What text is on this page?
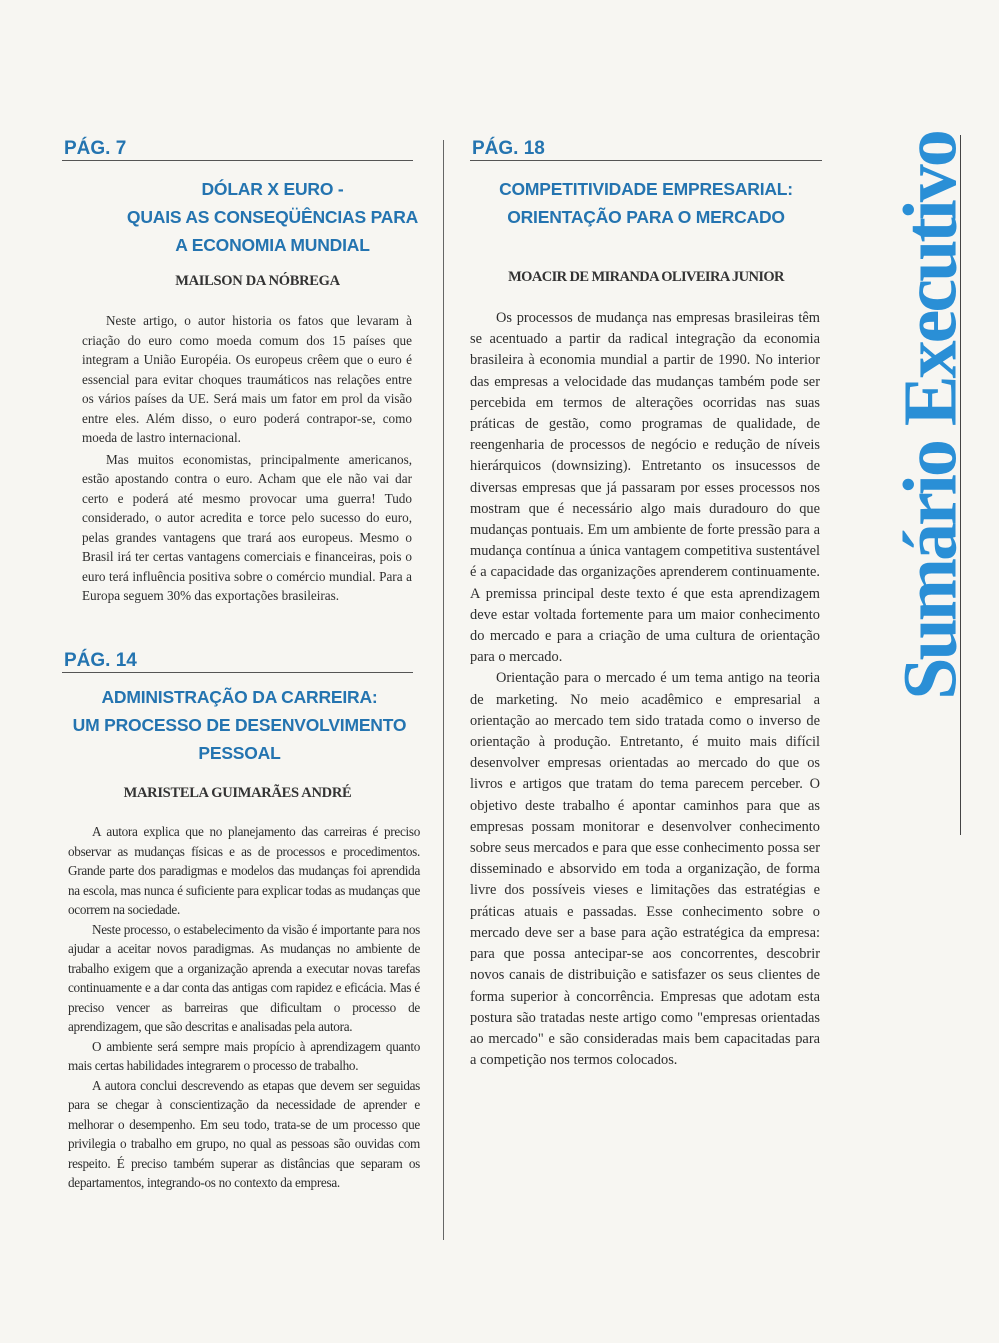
PÁG. 7
DÓLAR X EURO -
QUAIS AS CONSEQÜÊNCIAS PARA
A ECONOMIA MUNDIAL
MAILSON DA NÓBREGA

Neste artigo, o autor historia os fatos que levaram à criação do euro como moeda comum dos 15 países que integram a União Européia. Os europeus crêem que o euro é essencial para evitar choques traumáticos nas relações entre os vários países da UE. Será mais um fator em prol da visão entre eles. Além disso, o euro poderá contrapor-se, como moeda de lastro internacional.

Mas muitos economistas, principalmente americanos, estão apostando contra o euro. Acham que ele não vai dar certo e poderá até mesmo provocar uma guerra! Tudo considerado, o autor acredita e torce pelo sucesso do euro, pelas grandes vantagens que trará aos europeus. Mesmo o Brasil irá ter certas vantagens comerciais e financeiras, pois o euro terá influência positiva sobre o comércio mundial. Para a Europa seguem 30% das exportações brasileiras.

PÁG. 14
ADMINISTRAÇÃO DA CARREIRA:
UM PROCESSO DE DESENVOLVIMENTO
PESSOAL
MARISTELA GUIMARÃES ANDRÉ

A autora explica que no planejamento das carreiras é preciso observar as mudanças físicas e as de processos e procedimentos. Grande parte dos paradigmas e modelos das mudanças foi aprendida na escola, mas nunca é suficiente para explicar todas as mudanças que ocorrem na sociedade.

Neste processo, o estabelecimento da visão é importante para nos ajudar a aceitar novos paradigmas. As mudanças no ambiente de trabalho exigem que a organização aprenda a executar novas tarefas continuamente e a dar conta das antigas com rapidez e eficácia. Mas é preciso vencer as barreiras que dificultam o processo de aprendizagem, que são descritas e analisadas pela autora.

O ambiente será sempre mais propício à aprendizagem quanto mais certas habilidades integrarem o processo de trabalho.

A autora conclui descrevendo as etapas que devem ser seguidas para se chegar à conscientização da necessidade de aprender e melhorar o desempenho. Em seu todo, trata-se de um processo que privilegia o trabalho em grupo, no qual as pessoas são ouvidas com respeito. É preciso também superar as distâncias que separam os departamentos, integrando-os no contexto da empresa.

PÁG. 18
COMPETITIVIDADE EMPRESARIAL:
ORIENTAÇÃO PARA O MERCADO
MOACIR DE MIRANDA OLIVEIRA JUNIOR

Os processos de mudança nas empresas brasileiras têm se acentuado a partir da radical integração da economia brasileira à economia mundial a partir de 1990. No interior das empresas a velocidade das mudanças também pode ser percebida em termos de alterações ocorridas nas suas práticas de gestão, como programas de qualidade, de reengenharia de processos de negócio e redução de níveis hierárquicos (downsizing). Entretanto os insucessos de diversas empresas que já passaram por esses processos nos mostram que é necessário algo mais duradouro do que mudanças pontuais. Em um ambiente de forte pressão para a mudança contínua a única vantagem competitiva sustentável é a capacidade das organizações aprenderem continuamente. A premissa principal deste texto é que esta aprendizagem deve estar voltada fortemente para um maior conhecimento do mercado e para a criação de uma cultura de orientação para o mercado.

Orientação para o mercado é um tema antigo na teoria de marketing. No meio acadêmico e empresarial a orientação ao mercado tem sido tratada como o inverso de orientação à produção. Entretanto, é muito mais difícil desenvolver empresas orientadas ao mercado do que os livros e artigos que tratam do tema parecem perceber. O objetivo deste trabalho é apontar caminhos para que as empresas possam monitorar e desenvolver conhecimento sobre seus mercados e para que esse conhecimento possa ser disseminado e absorvido em toda a organização, de forma livre dos possíveis vieses e limitações das estratégias e práticas atuais e passadas. Esse conhecimento sobre o mercado deve ser a base para ação estratégica da empresa: para que possa antecipar-se aos concorrentes, descobrir novos canais de distribuição e satisfazer os seus clientes de forma superior à concorrência. Empresas que adotam esta postura são tratadas neste artigo como "empresas orientadas ao mercado" e são consideradas mais bem capacitadas para a competição nos termos colocados.

Sumário Executivo
